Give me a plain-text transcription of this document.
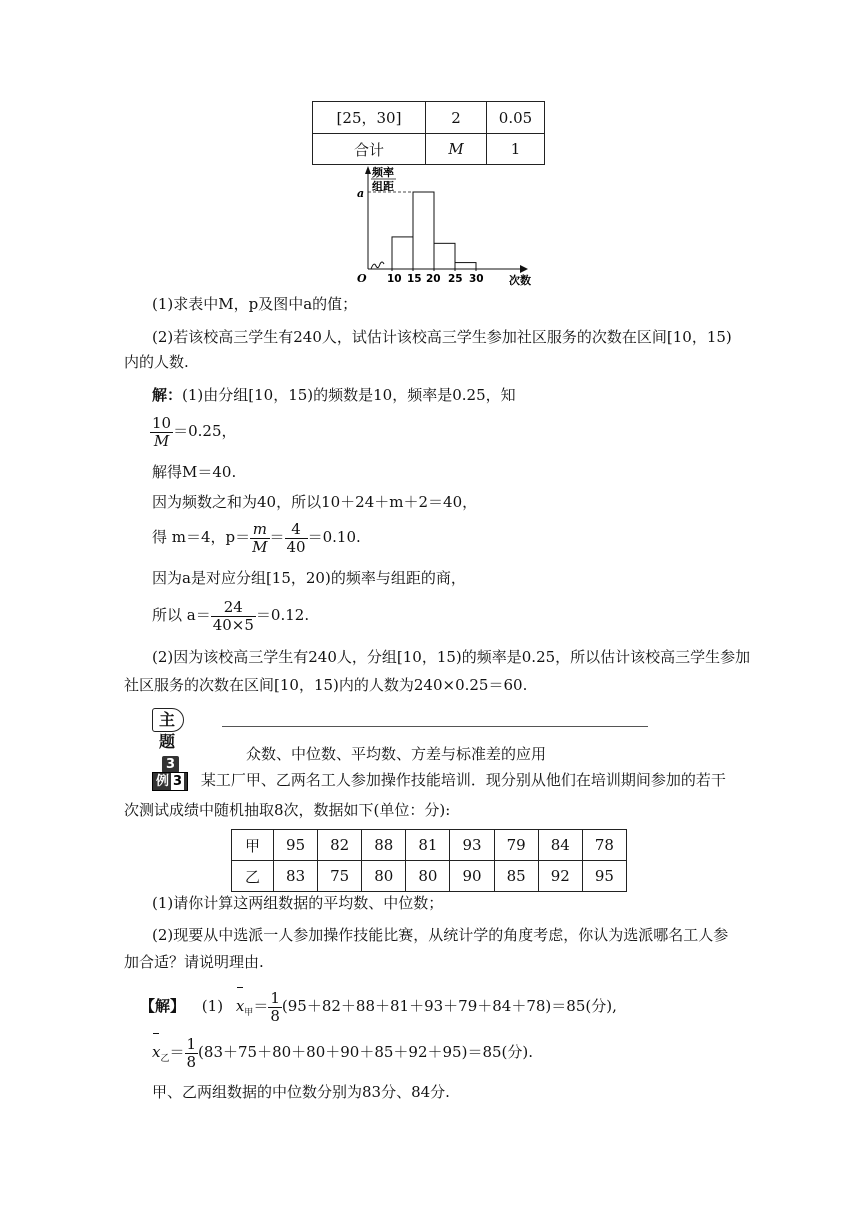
[25，30]	2	0.05
合计	M	1
频率
组距
a
O 10 15 20 25 30 次数
(1)求表中M，p及图中a的值；
(2)若该校高三学生有240人，试估计该校高三学生参加社区服务的次数在区间[10，15)
内的人数.
解：(1)由分组[10，15)的频数是10，频率是0.25，知
$\frac{10}{M} =0.25$，
解得M＝40.
因为频数之和为40，所以10＋24＋m＋2＝40，
得 m＝4，$p= \frac{m}{M} = \frac{4}{40} =0.10$.
因为a是对应分组[15，20)的频率与组距的商，
所以 $a= \frac{24}{40\times 5} =0.12$.
(2)因为该校高三学生有240人，分组[10，15)的频率是0.25，所以估计该校高三学生参加
社区服务的次数在区间[10，15)内的人数为240×0.25＝60.
主题3
众数、中位数、平均数、方差与标准差的应用
例 3 某工厂甲、乙两名工人参加操作技能培训．现分别从他们在培训期间参加的若干
次测试成绩中随机抽取8次，数据如下(单位：分):
甲	95	82	88	81	93	79	84	78
乙	83	75	80	80	90	85	92	95
(1)请你计算这两组数据的平均数、中位数；
(2)现要从中选派一人参加操作技能比赛，从统计学的角度考虑，你认为选派哪名工人参
加合适？请说明理由.
【解】 (1) $x_甲= \frac{1}{8} (95+82+88+81+93+79+84+78)=85$(分),
$x_乙= \frac{1}{8} (83+75+80+80+90+85+92+95)=85$(分).
甲、乙两组数据的中位数分别为83分、84分.
